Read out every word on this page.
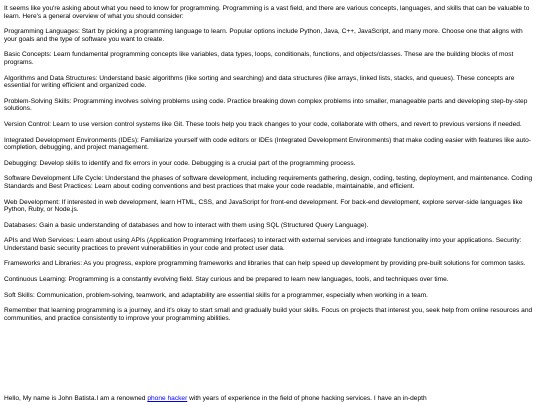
It seems like you're asking about what you need to know for programming. Programming is a vast field, and there are various concepts, languages, and skills that can be valuable to learn. Here's a general overview of what you should consider:

Programming Languages: Start by picking a programming language to learn. Popular options include Python, Java, C++, JavaScript, and many more. Choose one that aligns with your goals and the type of software you want to create.

Basic Concepts: Learn fundamental programming concepts like variables, data types, loops, conditionals, functions, and objects/classes. These are the building blocks of most programs.

Algorithms and Data Structures: Understand basic algorithms (like sorting and searching) and data structures (like arrays, linked lists, stacks, and queues). These concepts are essential for writing efficient and organized code.

Problem-Solving Skills: Programming involves solving problems using code. Practice breaking down complex problems into smaller, manageable parts and developing step-by-step solutions.

Version Control: Learn to use version control systems like Git. These tools help you track changes to your code, collaborate with others, and revert to previous versions if needed.

Integrated Development Environments (IDEs): Familiarize yourself with code editors or IDEs (Integrated Development Environments) that make coding easier with features like auto-completion, debugging, and project management.

Debugging: Develop skills to identify and fix errors in your code. Debugging is a crucial part of the programming process.

Software Development Life Cycle: Understand the phases of software development, including requirements gathering, design, coding, testing, deployment, and maintenance. Coding Standards and Best Practices: Learn about coding conventions and best practices that make your code readable, maintainable, and efficient.

Web Development: If interested in web development, learn HTML, CSS, and JavaScript for front-end development. For back-end development, explore server-side languages like Python, Ruby, or Node.js.

Databases: Gain a basic understanding of databases and how to interact with them using SQL (Structured Query Language).

APIs and Web Services: Learn about using APIs (Application Programming Interfaces) to interact with external services and integrate functionality into your applications. Security: Understand basic security practices to prevent vulnerabilities in your code and protect user data.

Frameworks and Libraries: As you progress, explore programming frameworks and libraries that can help speed up development by providing pre-built solutions for common tasks.

Continuous Learning: Programming is a constantly evolving field. Stay curious and be prepared to learn new languages, tools, and techniques over time.

Soft Skills: Communication, problem-solving, teamwork, and adaptability are essential skills for a programmer, especially when working in a team.

Remember that learning programming is a journey, and it's okay to start small and gradually build your skills. Focus on projects that interest you, seek help from online resources and communities, and practice consistently to improve your programming abilities.

Hello, My name is John Batista.I am a renowned phone hacker with years of experience in the field of phone hacking services. I have an in-depth
